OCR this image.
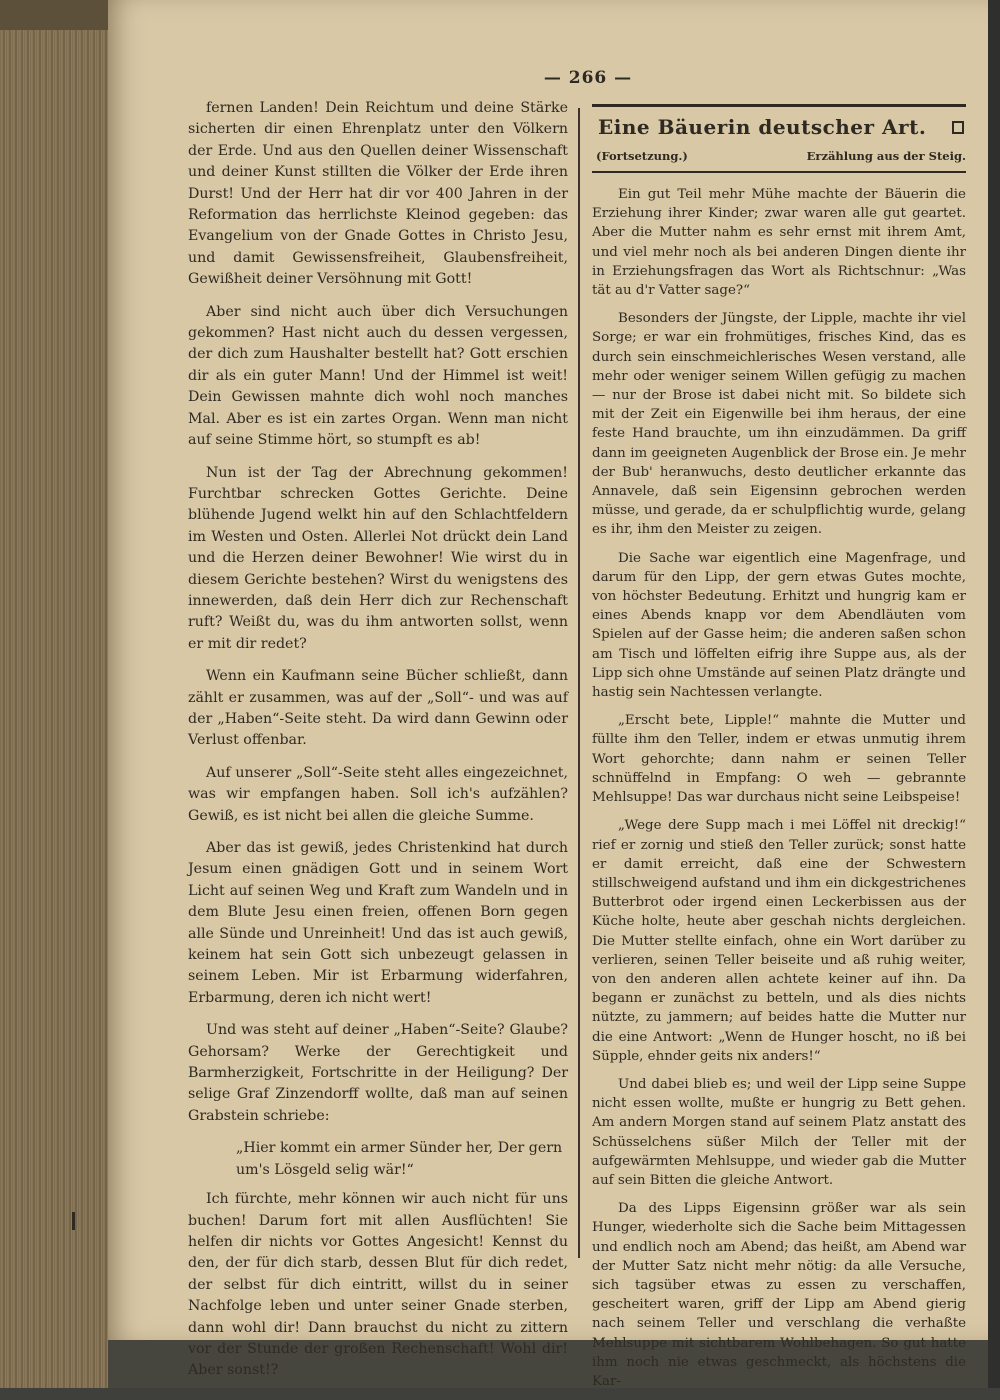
— 266 —

fernen Landen! Dein Reichtum und deine Stärke sicherten dir einen Ehrenplatz unter den Völkern der Erde. Und aus den Quellen deiner Wissenschaft und deiner Kunst stillten die Völker der Erde ihren Durst! Und der Herr hat dir vor 400 Jahren in der Reformation das herrlichste Kleinod gegeben: das Evangelium von der Gnade Gottes in Christo Jesu, und damit Gewissensfreiheit, Glaubensfreiheit, Gewißheit deiner Versöhnung mit Gott!

Aber sind nicht auch über dich Versuchungen gekommen? Hast nicht auch du dessen vergessen, der dich zum Haushalter bestellt hat? Gott erschien dir als ein guter Mann! Und der Himmel ist weit! Dein Gewissen mahnte dich wohl noch manches Mal. Aber es ist ein zartes Organ. Wenn man nicht auf seine Stimme hört, so stumpft es ab!

Nun ist der Tag der Abrechnung gekommen! Furchtbar schrecken Gottes Gerichte. Deine blühende Jugend welkt hin auf den Schlachtfeldern im Westen und Osten. Allerlei Not drückt dein Land und die Herzen deiner Bewohner! Wie wirst du in diesem Gerichte bestehen? Wirst du wenigstens des innewerden, daß dein Herr dich zur Rechenschaft ruft? Weißt du, was du ihm antworten sollst, wenn er mit dir redet?

Wenn ein Kaufmann seine Bücher schließt, dann zählt er zusammen, was auf der „Soll“- und was auf der „Haben“-Seite steht. Da wird dann Gewinn oder Verlust offenbar.

Auf unserer „Soll“-Seite steht alles eingezeichnet, was wir empfangen haben. Soll ich's aufzählen? Gewiß, es ist nicht bei allen die gleiche Summe.

Aber das ist gewiß, jedes Christenkind hat durch Jesum einen gnädigen Gott und in seinem Wort Licht auf seinen Weg und Kraft zum Wandeln und in dem Blute Jesu einen freien, offenen Born gegen alle Sünde und Unreinheit! Und das ist auch gewiß, keinem hat sein Gott sich unbezeugt gelassen in seinem Leben. Mir ist Erbarmung widerfahren, Erbarmung, deren ich nicht wert!

Und was steht auf deiner „Haben“-Seite? Glaube? Gehorsam? Werke der Gerechtigkeit und Barmherzigkeit, Fortschritte in der Heiligung? Der selige Graf Zinzendorff wollte, daß man auf seinen Grabstein schriebe:

„Hier kommt ein armer Sünder her, Der gern um's Lösgeld selig wär!“

Ich fürchte, mehr können wir auch nicht für uns buchen! Darum fort mit allen Ausflüchten! Sie helfen dir nichts vor Gottes Angesicht! Kennst du den, der für dich starb, dessen Blut für dich redet, der selbst für dich eintritt, willst du in seiner Nachfolge leben und unter seiner Gnade sterben, dann wohl dir! Dann brauchst du nicht zu zittern vor der Stunde der großen Rechenschaft! Wohl dir! Aber sonst!?

Eine Bäuerin deutscher Art.
(Fortsetzung.)	Erzählung aus der Steig.

Ein gut Teil mehr Mühe machte der Bäuerin die Erziehung ihrer Kinder; zwar waren alle gut geartet. Aber die Mutter nahm es sehr ernst mit ihrem Amt, und viel mehr noch als bei anderen Dingen diente ihr in Erziehungsfragen das Wort als Richtschnur: „Was tät au d'r Vatter sage?“

Besonders der Jüngste, der Lipple, machte ihr viel Sorge; er war ein frohmütiges, frisches Kind, das es durch sein einschmeichlerisches Wesen verstand, alle mehr oder weniger seinem Willen gefügig zu machen — nur der Brose ist dabei nicht mit. So bildete sich mit der Zeit ein Eigenwille bei ihm heraus, der eine feste Hand brauchte, um ihn einzudämmen. Da griff dann im geeigneten Augenblick der Brose ein. Je mehr der Bub' heranwuchs, desto deutlicher erkannte das Annavele, daß sein Eigensinn gebrochen werden müsse, und gerade, da er schulpflichtig wurde, gelang es ihr, ihm den Meister zu zeigen.

Die Sache war eigentlich eine Magenfrage, und darum für den Lipp, der gern etwas Gutes mochte, von höchster Bedeutung. Erhitzt und hungrig kam er eines Abends knapp vor dem Abendläuten vom Spielen auf der Gasse heim; die anderen saßen schon am Tisch und löffelten eifrig ihre Suppe aus, als der Lipp sich ohne Umstände auf seinen Platz drängte und hastig sein Nachtessen verlangte.

„Erscht bete, Lipple!“ mahnte die Mutter und füllte ihm den Teller, indem er etwas unmutig ihrem Wort gehorchte; dann nahm er seinen Teller schnüffelnd in Empfang: O weh — gebrannte Mehlsuppe! Das war durchaus nicht seine Leibspeise!

„Wege dere Supp mach i mei Löffel nit dreckig!“ rief er zornig und stieß den Teller zurück; sonst hatte er damit erreicht, daß eine der Schwestern stillschweigend aufstand und ihm ein dickgestrichenes Butterbrot oder irgend einen Leckerbissen aus der Küche holte, heute aber geschah nichts dergleichen. Die Mutter stellte einfach, ohne ein Wort darüber zu verlieren, seinen Teller beiseite und aß ruhig weiter, von den anderen allen achtete keiner auf ihn. Da begann er zunächst zu betteln, und als dies nichts nützte, zu jammern; auf beides hatte die Mutter nur die eine Antwort: „Wenn de Hunger hoscht, no iß bei Süpple, ehnder geits nix anders!“

Und dabei blieb es; und weil der Lipp seine Suppe nicht essen wollte, mußte er hungrig zu Bett gehen. Am andern Morgen stand auf seinem Platz anstatt des Schüsselchens süßer Milch der Teller mit der aufgewärmten Mehlsuppe, und wieder gab die Mutter auf sein Bitten die gleiche Antwort.

Da des Lipps Eigensinn größer war als sein Hunger, wiederholte sich die Sache beim Mittagessen und endlich noch am Abend; das heißt, am Abend war der Mutter Satz nicht mehr nötig: da alle Versuche, sich tagsüber etwas zu essen zu verschaffen, gescheitert waren, griff der Lipp am Abend gierig nach seinem Teller und verschlang die verhaßte Mehlsuppe mit sichtbarem Wohlbehagen. So gut hatte ihm noch nie etwas geschmeckt, als höchstens die Kar-
